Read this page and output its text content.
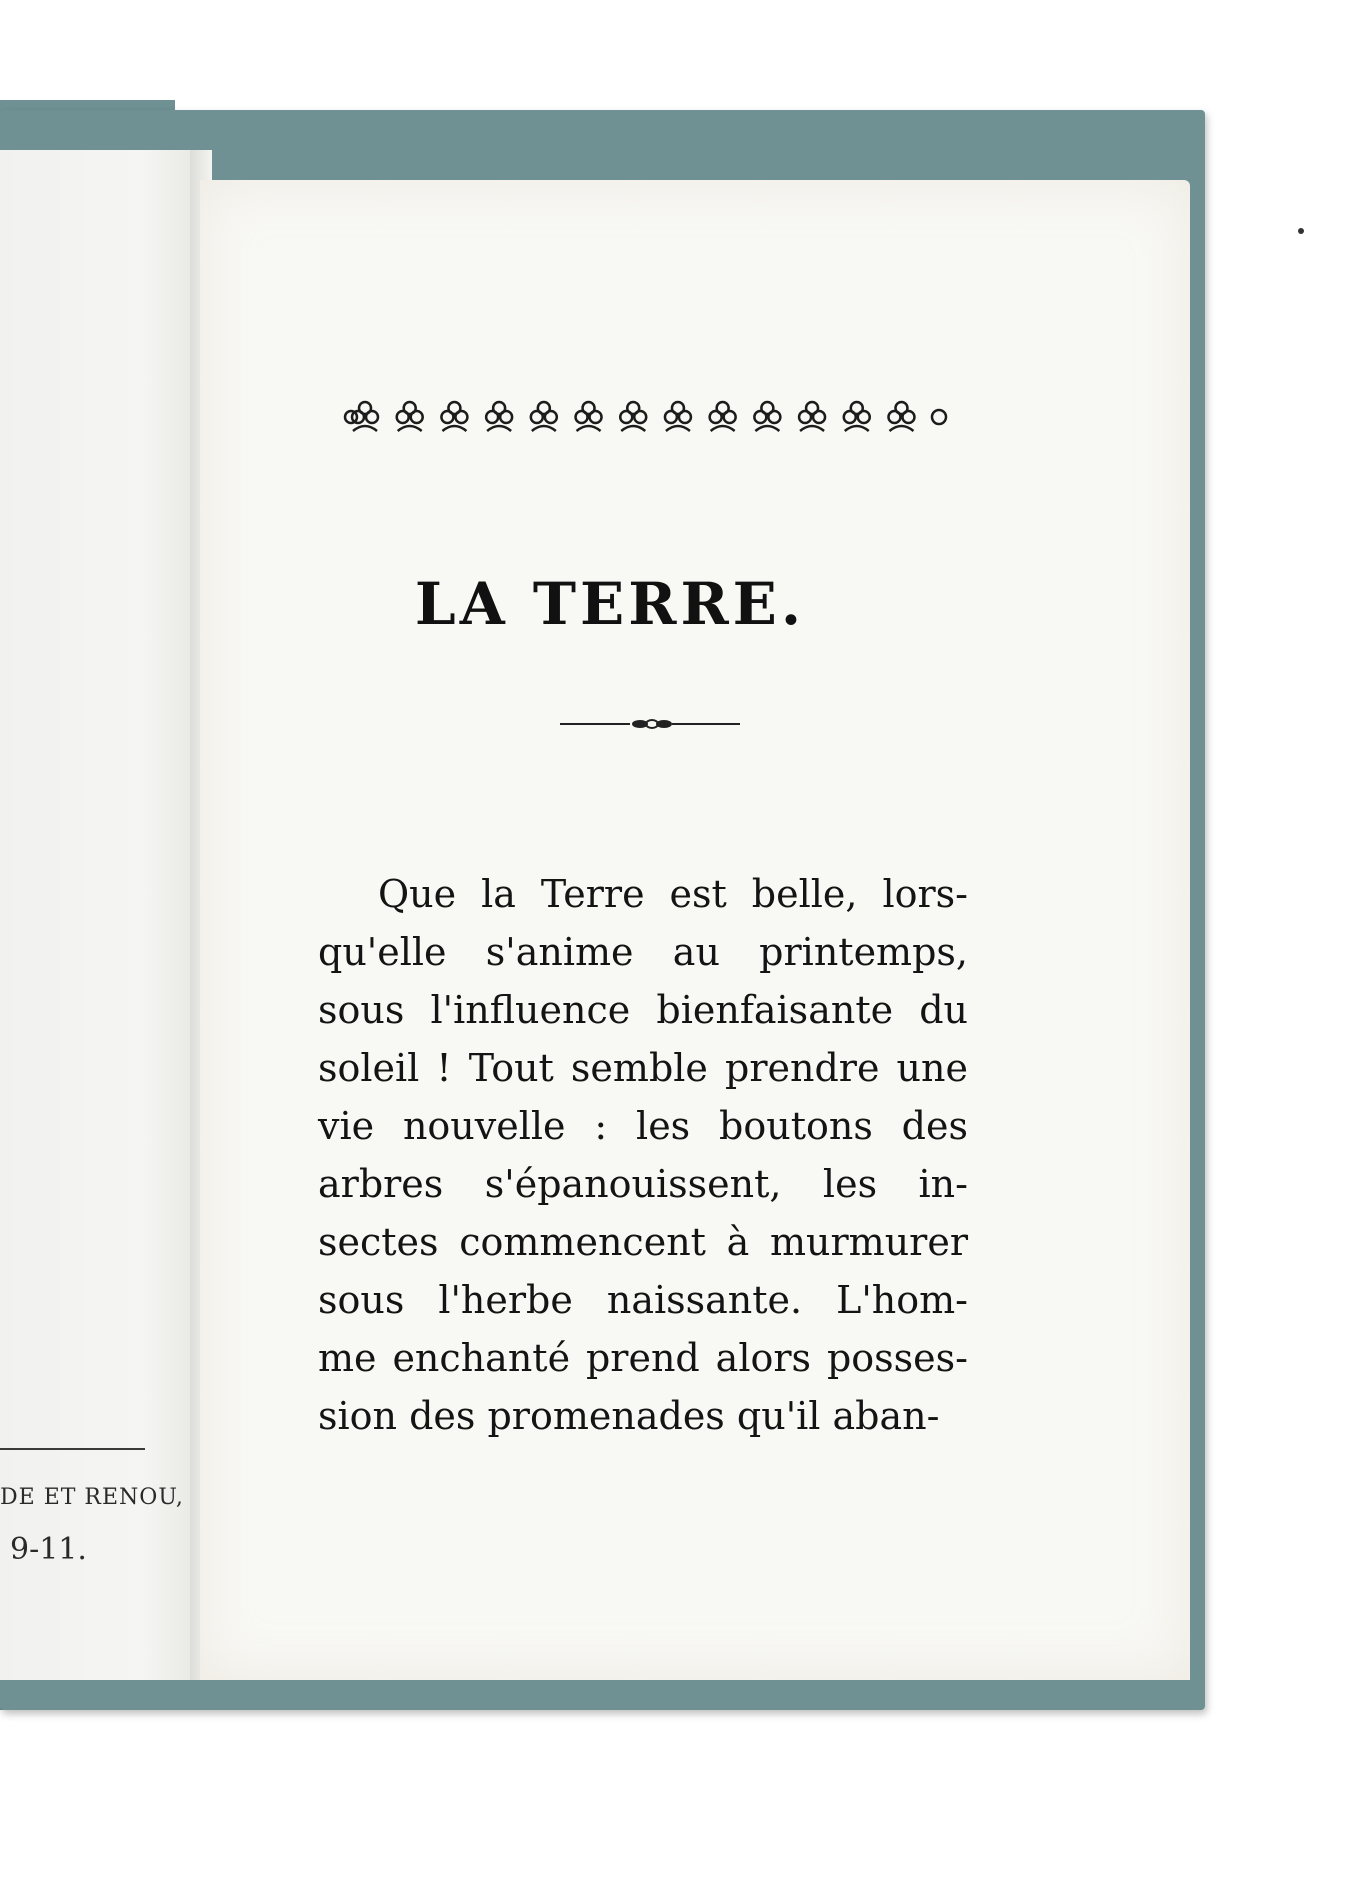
DE ET RENOU,
9-11.
LA TERRE.
Que la Terre est belle, lors-
qu'elle s'anime au printemps,
sous l'influence bienfaisante du
soleil ! Tout semble prendre une
vie nouvelle : les boutons des
arbres s'épanouissent, les in-
sectes commencent à murmurer
sous l'herbe naissante. L'hom-
me enchanté prend alors posses-
sion des promenades qu'il aban-
